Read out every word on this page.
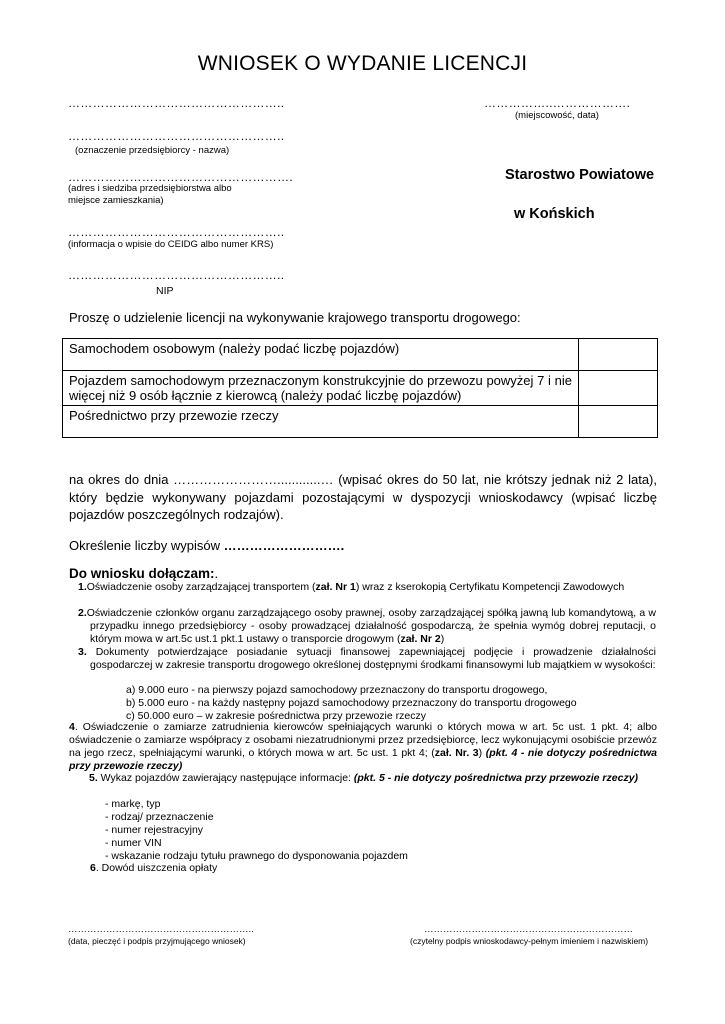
WNIOSEK O WYDANIE LICENCJI
……………………………………………..	……………..……………….
(miejscowość, data)
……………………………………………..
(oznaczenie przedsiębiorcy - nazwa)
……………………………………………….
(adres i siedziba przedsiębiorstwa albo
miejsce zamieszkania)
Starostwo Powiatowe
w Końskich
……………………………………………..
(informacja o wpisie do CEIDG albo numer KRS)
……………………………………………..
NIP
Proszę o udzielenie licencji na wykonywanie krajowego transportu drogowego:
Samochodem osobowym (należy podać liczbę pojazdów)	
Pojazdem samochodowym przeznaczonym konstrukcyjnie do przewozu powyżej 7 i nie więcej niż 9 osób łącznie z kierowcą (należy podać liczbę pojazdów)	
Pośrednictwo przy przewozie rzeczy	
na okres do dnia ……………………............… (wpisać okres do 50 lat, nie krótszy jednak niż 2 lata), który będzie wykonywany pojazdami pozostającymi w dyspozycji wnioskodawcy (wpisać liczbę pojazdów poszczególnych rodzajów).
Określenie liczby wypisów ……………………….
Do wniosku dołączam:.
1.Oświadczenie osoby zarządzającej transportem (zał. Nr 1) wraz z kserokopią Certyfikatu Kompetencji Zawodowych
2.Oświadczenie członków organu zarządzającego osoby prawnej, osoby zarządzającej spółką jawną lub komandytową, a w przypadku innego przedsiębiorcy - osoby prowadzącej działalność gospodarczą, że spełnia wymóg dobrej reputacji, o którym mowa w art.5c ust.1 pkt.1 ustawy o transporcie drogowym (zał. Nr 2)
3. Dokumenty potwierdzające posiadanie sytuacji finansowej zapewniającej podjęcie i prowadzenie działalności gospodarczej w zakresie transportu drogowego określonej dostępnymi środkami finansowymi lub majątkiem w wysokości:
a) 9.000 euro - na pierwszy pojazd samochodowy przeznaczony do transportu drogowego,
b) 5.000 euro - na każdy następny pojazd samochodowy przeznaczony do transportu drogowego
c) 50.000 euro – w zakresie pośrednictwa przy przewozie rzeczy
4. Oświadczenie o zamiarze zatrudnienia kierowców spełniających warunki o których mowa w art. 5c ust. 1 pkt. 4; albo oświadczenie o zamiarze współpracy z osobami niezatrudnionymi przez przedsiębiorcę, lecz wykonującymi osobiście przewóz na jego rzecz, spełniającymi warunki, o których mowa w art. 5c ust. 1 pkt 4; (zał. Nr. 3) (pkt. 4 - nie dotyczy pośrednictwa przy przewozie rzeczy)
5. Wykaz pojazdów zawierający następujące informacje: (pkt. 5 - nie dotyczy pośrednictwa przy przewozie rzeczy)
- markę, typ
- rodzaj/ przeznaczenie
- numer rejestracyjny
- numer VIN
- wskazanie rodzaju tytułu prawnego do dysponowania pojazdem
6. Dowód uiszczenia opłaty
…………………………………………………..
(data, pieczęć i podpis przyjmującego wniosek)
…………………………………………………………
(czytelny podpis wnioskodawcy-pełnym imieniem i nazwiskiem)
